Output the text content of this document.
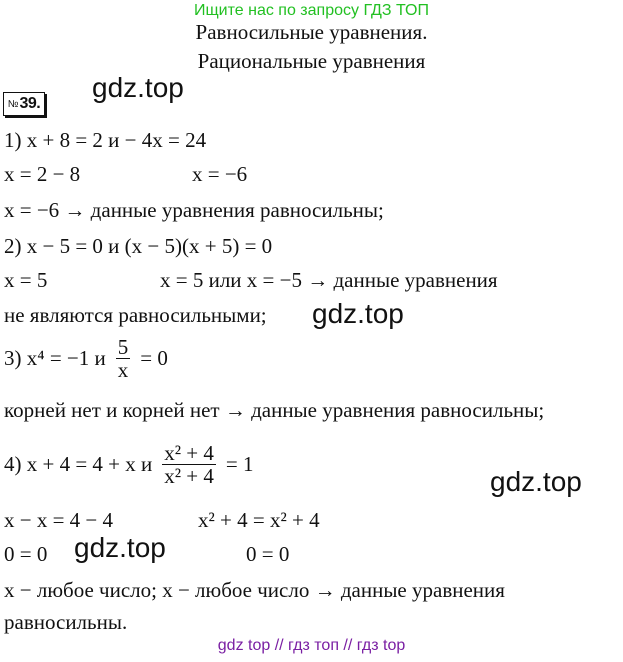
Ищите нас по запросу ГДЗ ТОП
Равносильные уравнения.
Рациональные уравнения
№ 39.
gdz.top
1) x + 8 = 2 и − 4x = 24
x = 2 − 8	x = −6
x = −6 → данные уравнения равносильны;
2) x − 5 = 0 и (x − 5)(x + 5) = 0
x = 5	x = 5 или x = −5 → данные уравнения
не являются равносильными; gdz.top
3) x⁴ = −1 и $\frac{5}{x} = 0$
корней нет и корней нет → данные уравнения равносильны;
4) x + 4 = 4 + x и $\frac{\text{x² + 4}}{\text{x² + 4}} = 1$
gdz.top
x − x = 4 − 4	x² + 4 = x² + 4
0 = 0 gdz.top	0 = 0
x − любое число; x − любое число → данные уравнения
равносильны.
gdz top // гдз топ // гдз top
